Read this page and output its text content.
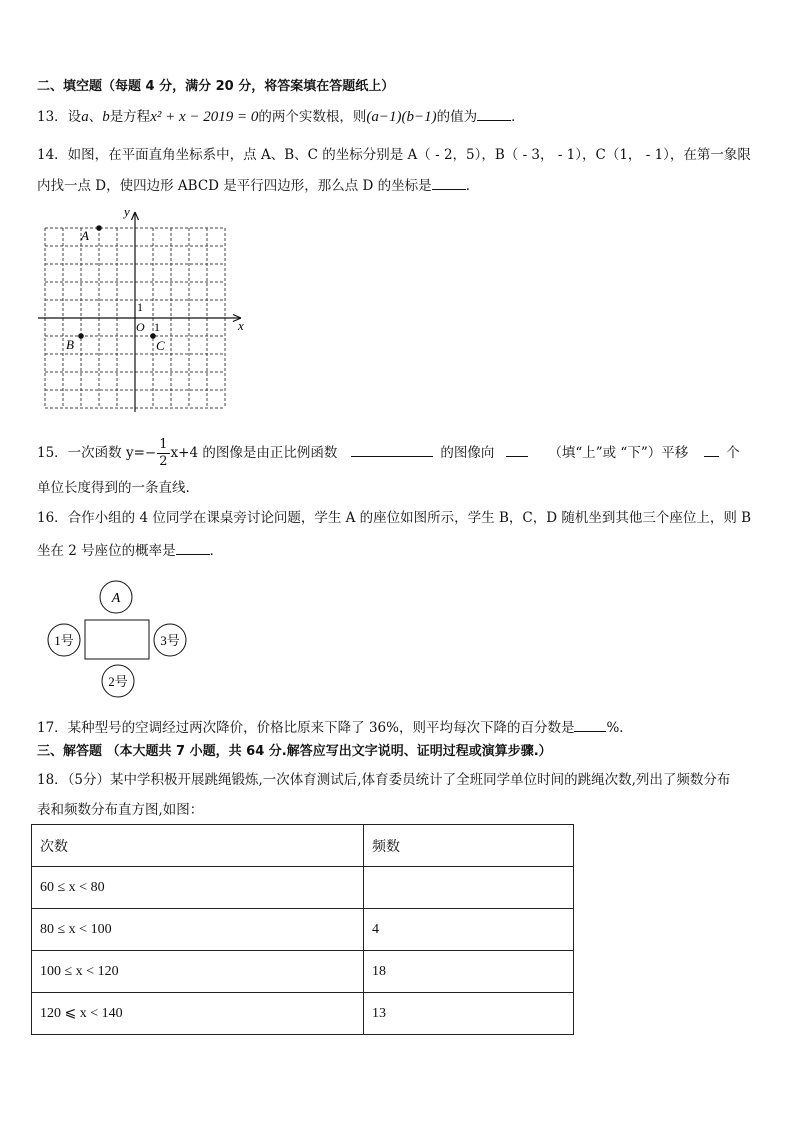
二、填空题（每题 4 分，满分 20 分，将答案填在答题纸上）
13．设a、b是方程x² + x − 2019 = 0的两个实数根，则(a−1)(b−1)的值为	．
14．如图，在平面直角坐标系中，点 A、B、C 的坐标分别是 A（ - 2，5），B（ - 3， - 1），C（1， - 1），在第一象限
内找一点 D，使四边形 ABCD 是平行四边形，那么点 D 的坐标是	．
y
x
O 1
1
A
B	C
15．一次函数 $y=- \frac{1}{2} x+4$ 的图像是由正比例函数	的图像向	（填“上”或 “下”）平移	个
单位长度得到的一条直线.
16．合作小组的 4 位同学在课桌旁讨论问题，学生 A 的座位如图所示，学生 B，C，D 随机坐到其他三个座位上，则 B
坐在 2 号座位的概率是	．
A
1号	3号
2号
17．某种型号的空调经过两次降价，价格比原来下降了 36%，则平均每次下降的百分数是 %．
三、解答题 （本大题共 7 小题，共 64 分.解答应写出文字说明、证明过程或演算步骤.）
18．（5分）某中学积极开展跳绳锻炼,一次体育测试后,体育委员统计了全班同学单位时间的跳绳次数,列出了频数分布
表和频数分布直方图,如图：
次数	频数
60 ≤ x < 80	
80 ≤ x < 100	4
100 ≤ x < 120	18
120 ⩽ x < 140	13
